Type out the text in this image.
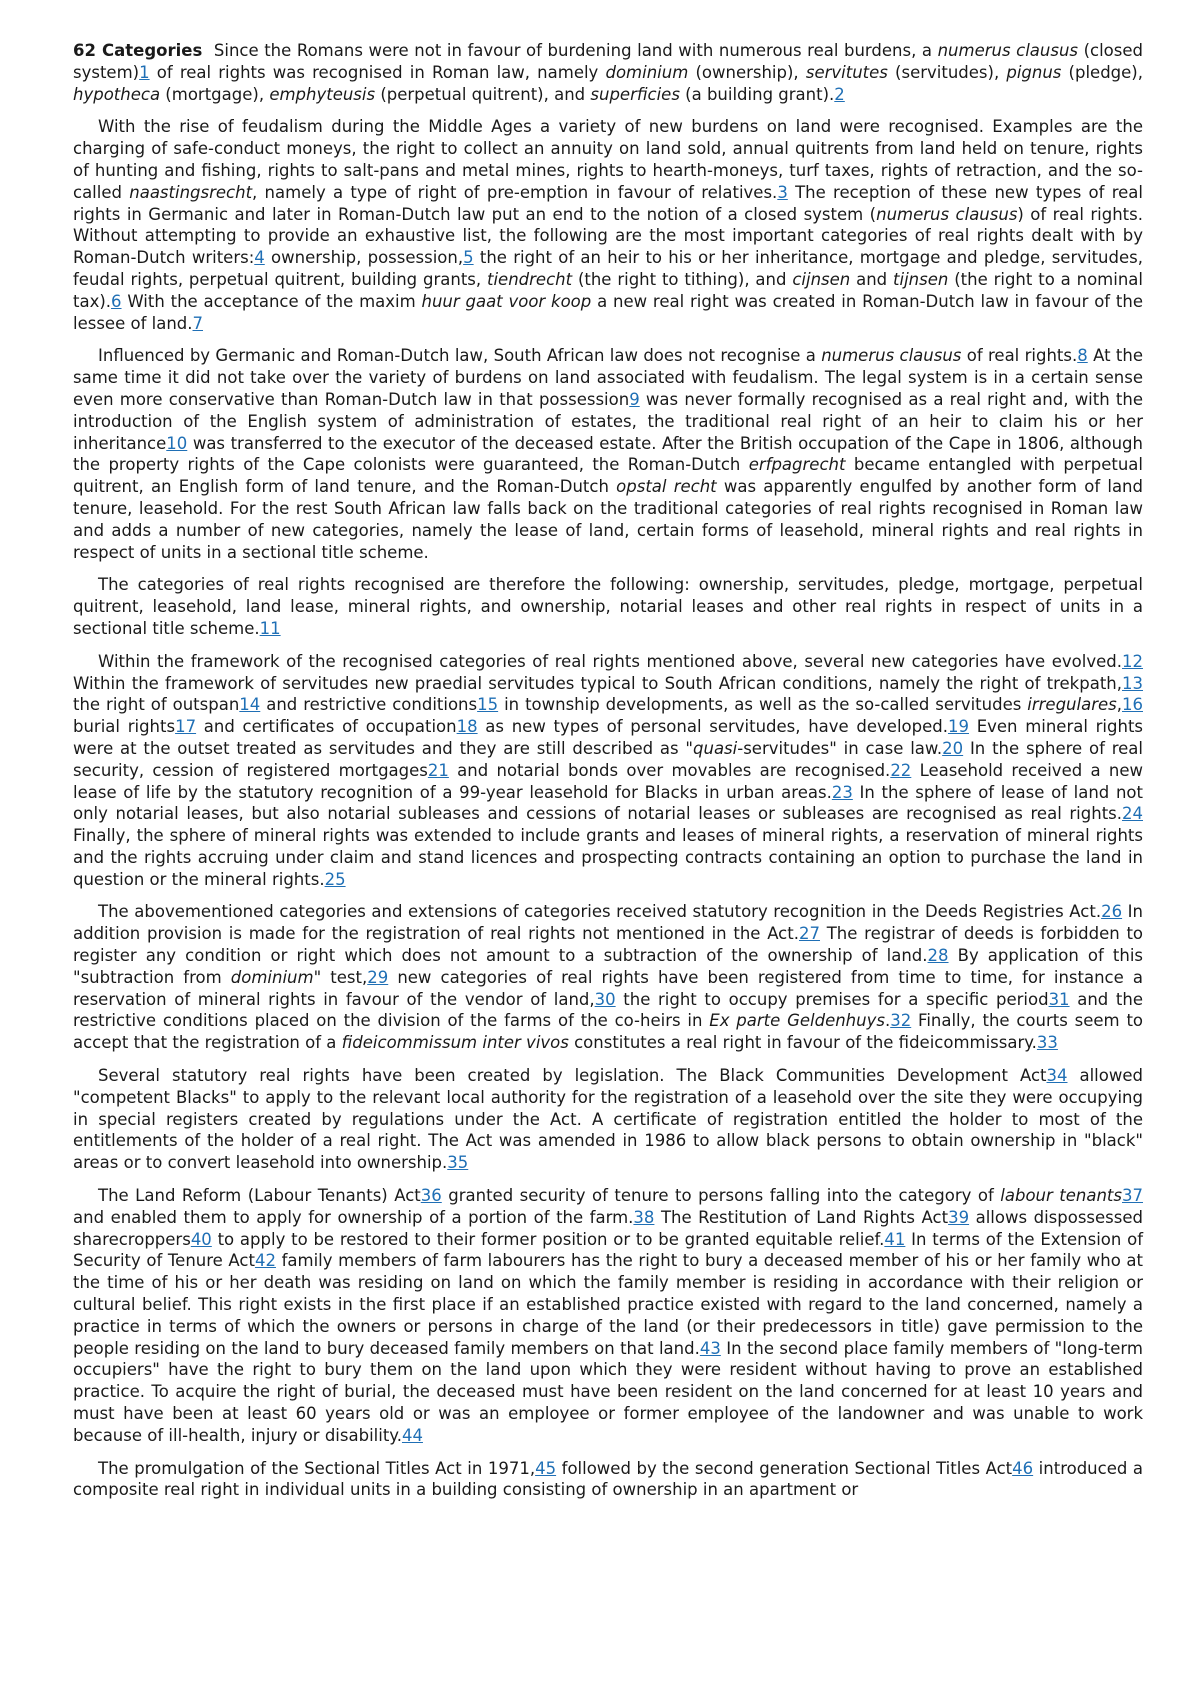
62 Categories Since the Romans were not in favour of burdening land with numerous real burdens, a numerus clausus (closed system)1 of real rights was recognised in Roman law, namely dominium (ownership), servitutes (servitudes), pignus (pledge), hypotheca (mortgage), emphyteusis (perpetual quitrent), and superficies (a building grant).2

With the rise of feudalism during the Middle Ages a variety of new burdens on land were recognised. Examples are the charging of safe-conduct moneys, the right to collect an annuity on land sold, annual quitrents from land held on tenure, rights of hunting and fishing, rights to salt-pans and metal mines, rights to hearth-moneys, turf taxes, rights of retraction, and the so-called naastingsrecht, namely a type of right of pre-emption in favour of relatives.3 The reception of these new types of real rights in Germanic and later in Roman-Dutch law put an end to the notion of a closed system (numerus clausus) of real rights. Without attempting to provide an exhaustive list, the following are the most important categories of real rights dealt with by Roman-Dutch writers:4 ownership, possession,5 the right of an heir to his or her inheritance, mortgage and pledge, servitudes, feudal rights, perpetual quitrent, building grants, tiendrecht (the right to tithing), and cijnsen and tijnsen (the right to a nominal tax).6 With the acceptance of the maxim huur gaat voor koop a new real right was created in Roman-Dutch law in favour of the lessee of land.7

Influenced by Germanic and Roman-Dutch law, South African law does not recognise a numerus clausus of real rights.8 At the same time it did not take over the variety of burdens on land associated with feudalism. The legal system is in a certain sense even more conservative than Roman-Dutch law in that possession9 was never formally recognised as a real right and, with the introduction of the English system of administration of estates, the traditional real right of an heir to claim his or her inheritance10 was transferred to the executor of the deceased estate. After the British occupation of the Cape in 1806, although the property rights of the Cape colonists were guaranteed, the Roman-Dutch erfpagrecht became entangled with perpetual quitrent, an English form of land tenure, and the Roman-Dutch opstal recht was apparently engulfed by another form of land tenure, leasehold. For the rest South African law falls back on the traditional categories of real rights recognised in Roman law and adds a number of new categories, namely the lease of land, certain forms of leasehold, mineral rights and real rights in respect of units in a sectional title scheme.

The categories of real rights recognised are therefore the following: ownership, servitudes, pledge, mortgage, perpetual quitrent, leasehold, land lease, mineral rights, and ownership, notarial leases and other real rights in respect of units in a sectional title scheme.11

Within the framework of the recognised categories of real rights mentioned above, several new categories have evolved.12 Within the framework of servitudes new praedial servitudes typical to South African conditions, namely the right of trekpath,13 the right of outspan14 and restrictive conditions15 in township developments, as well as the so-called servitudes irregulares,16 burial rights17 and certificates of occupation18 as new types of personal servitudes, have developed.19 Even mineral rights were at the outset treated as servitudes and they are still described as "quasi-servitudes" in case law.20 In the sphere of real security, cession of registered mortgages21 and notarial bonds over movables are recognised.22 Leasehold received a new lease of life by the statutory recognition of a 99-year leasehold for Blacks in urban areas.23 In the sphere of lease of land not only notarial leases, but also notarial subleases and cessions of notarial leases or subleases are recognised as real rights.24 Finally, the sphere of mineral rights was extended to include grants and leases of mineral rights, a reservation of mineral rights and the rights accruing under claim and stand licences and prospecting contracts containing an option to purchase the land in question or the mineral rights.25

The abovementioned categories and extensions of categories received statutory recognition in the Deeds Registries Act.26 In addition provision is made for the registration of real rights not mentioned in the Act.27 The registrar of deeds is forbidden to register any condition or right which does not amount to a subtraction of the ownership of land.28 By application of this "subtraction from dominium" test,29 new categories of real rights have been registered from time to time, for instance a reservation of mineral rights in favour of the vendor of land,30 the right to occupy premises for a specific period31 and the restrictive conditions placed on the division of the farms of the co-heirs in Ex parte Geldenhuys.32 Finally, the courts seem to accept that the registration of a fideicommissum inter vivos constitutes a real right in favour of the fideicommissary.33

Several statutory real rights have been created by legislation. The Black Communities Development Act34 allowed "competent Blacks" to apply to the relevant local authority for the registration of a leasehold over the site they were occupying in special registers created by regulations under the Act. A certificate of registration entitled the holder to most of the entitlements of the holder of a real right. The Act was amended in 1986 to allow black persons to obtain ownership in "black" areas or to convert leasehold into ownership.35

The Land Reform (Labour Tenants) Act36 granted security of tenure to persons falling into the category of labour tenants37 and enabled them to apply for ownership of a portion of the farm.38 The Restitution of Land Rights Act39 allows dispossessed sharecroppers40 to apply to be restored to their former position or to be granted equitable relief.41 In terms of the Extension of Security of Tenure Act42 family members of farm labourers has the right to bury a deceased member of his or her family who at the time of his or her death was residing on land on which the family member is residing in accordance with their religion or cultural belief. This right exists in the first place if an established practice existed with regard to the land concerned, namely a practice in terms of which the owners or persons in charge of the land (or their predecessors in title) gave permission to the people residing on the land to bury deceased family members on that land.43 In the second place family members of "long-term occupiers" have the right to bury them on the land upon which they were resident without having to prove an established practice. To acquire the right of burial, the deceased must have been resident on the land concerned for at least 10 years and must have been at least 60 years old or was an employee or former employee of the landowner and was unable to work because of ill-health, injury or disability.44

The promulgation of the Sectional Titles Act in 1971,45 followed by the second generation Sectional Titles Act46 introduced a composite real right in individual units in a building consisting of ownership in an apartment or
